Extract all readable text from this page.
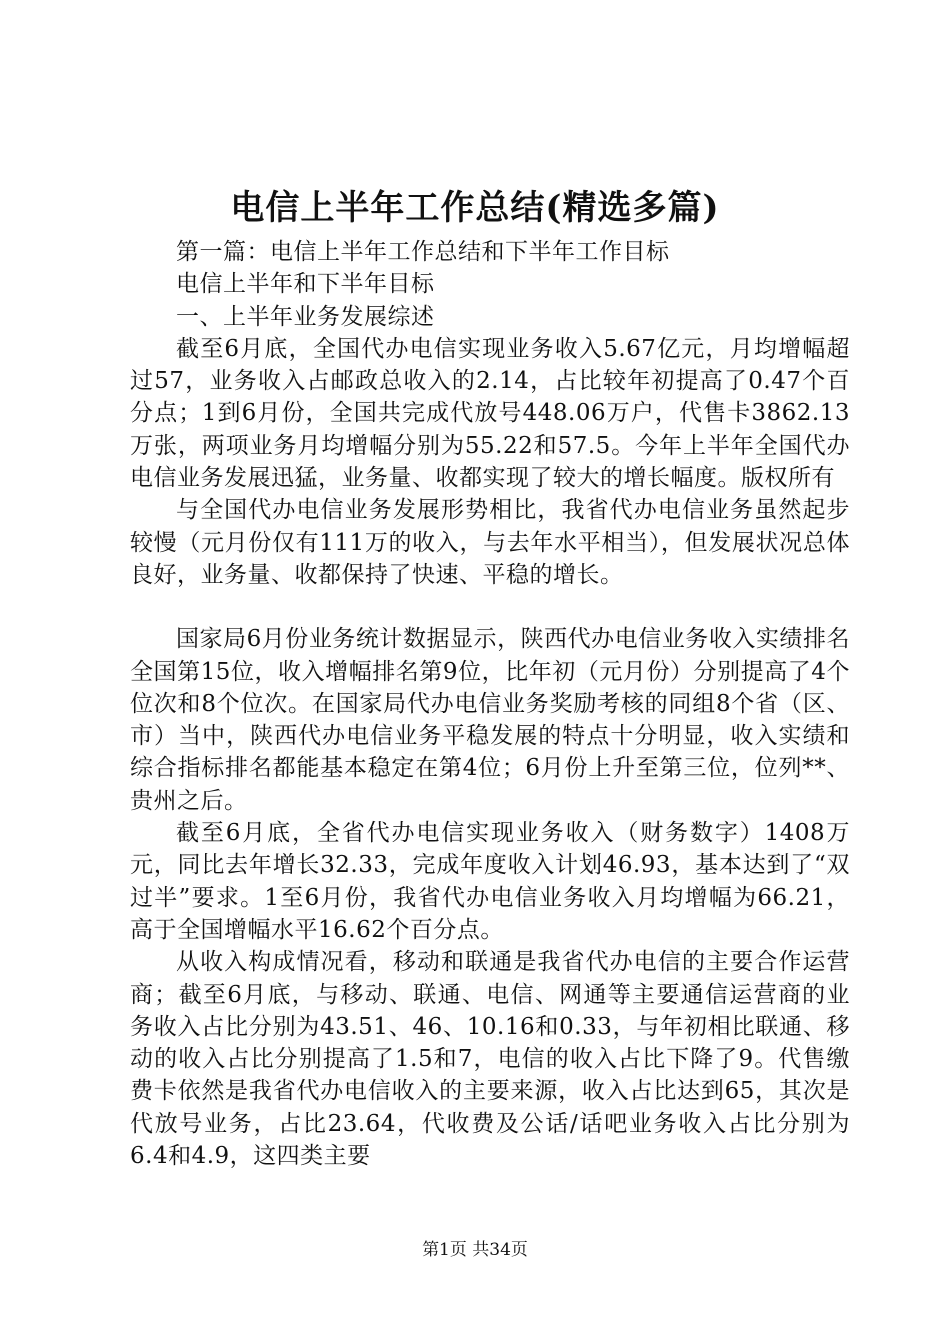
电信上半年工作总结(精选多篇)

第一篇：电信上半年工作总结和下半年工作目标

电信上半年和下半年目标

一、上半年业务发展综述

截至6月底，全国代办电信实现业务收入5.67亿元，月均增幅超过57，业务收入占邮政总收入的2.14，占比较年初提高了0.47个百分点；1到6月份，全国共完成代放号448.06万户，代售卡3862.13万张，两项业务月均增幅分别为55.22和57.5。今年上半年全国代办电信业务发展迅猛，业务量、收都实现了较大的增长幅度。版权所有

与全国代办电信业务发展形势相比，我省代办电信业务虽然起步较慢（元月份仅有111万的收入，与去年水平相当），但发展状况总体良好，业务量、收都保持了快速、平稳的增长。

国家局6月份业务统计数据显示，陕西代办电信业务收入实绩排名全国第15位，收入增幅排名第9位，比年初（元月份）分别提高了4个位次和8个位次。在国家局代办电信业务奖励考核的同组8个省（区、市）当中，陕西代办电信业务平稳发展的特点十分明显，收入实绩和综合指标排名都能基本稳定在第4位；6月份上升至第三位，位列**、贵州之后。

截至6月底，全省代办电信实现业务收入（财务数字）1408万元，同比去年增长32.33，完成年度收入计划46.93，基本达到了“双过半”要求。1至6月份，我省代办电信业务收入月均增幅为66.21，高于全国增幅水平16.62个百分点。

从收入构成情况看，移动和联通是我省代办电信的主要合作运营商；截至6月底，与移动、联通、电信、网通等主要通信运营商的业务收入占比分别为43.51、46、10.16和0.33，与年初相比联通、移动的收入占比分别提高了1.5和7，电信的收入占比下降了9。代售缴费卡依然是我省代办电信收入的主要来源，收入占比达到65，其次是代放号业务，占比23.64，代收费及公话/话吧业务收入占比分别为6.4和4.9，这四类主要

第1页 共34页
